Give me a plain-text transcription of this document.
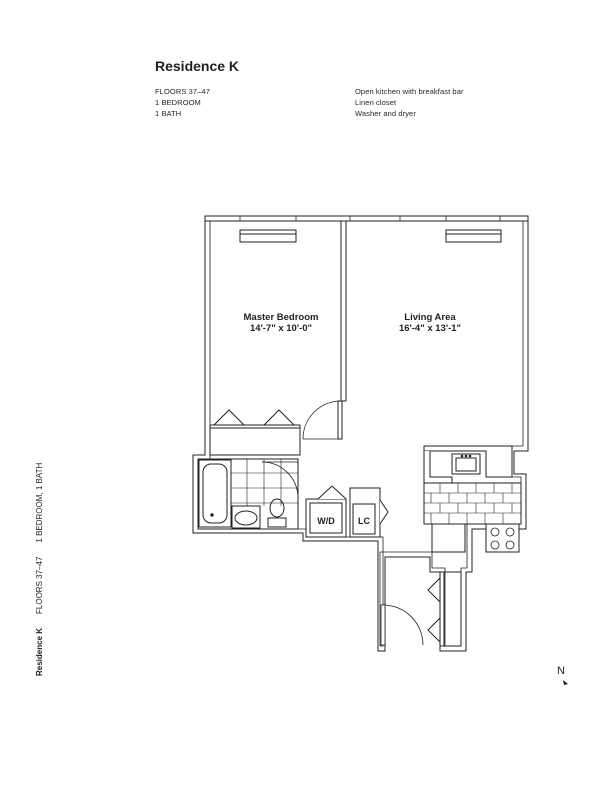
Residence K
FLOORS 37–47
1 BEDROOM
1 BATH
Open kitchen with breakfast bar
Linen closet
Washer and dryer
Residence KFLOORS 37–471 BEDROOM, 1 BATH
Master Bedroom
14'-7" x 10'-0"
Living Area
16'-4" x 13'-1"
W/D	LC
N
